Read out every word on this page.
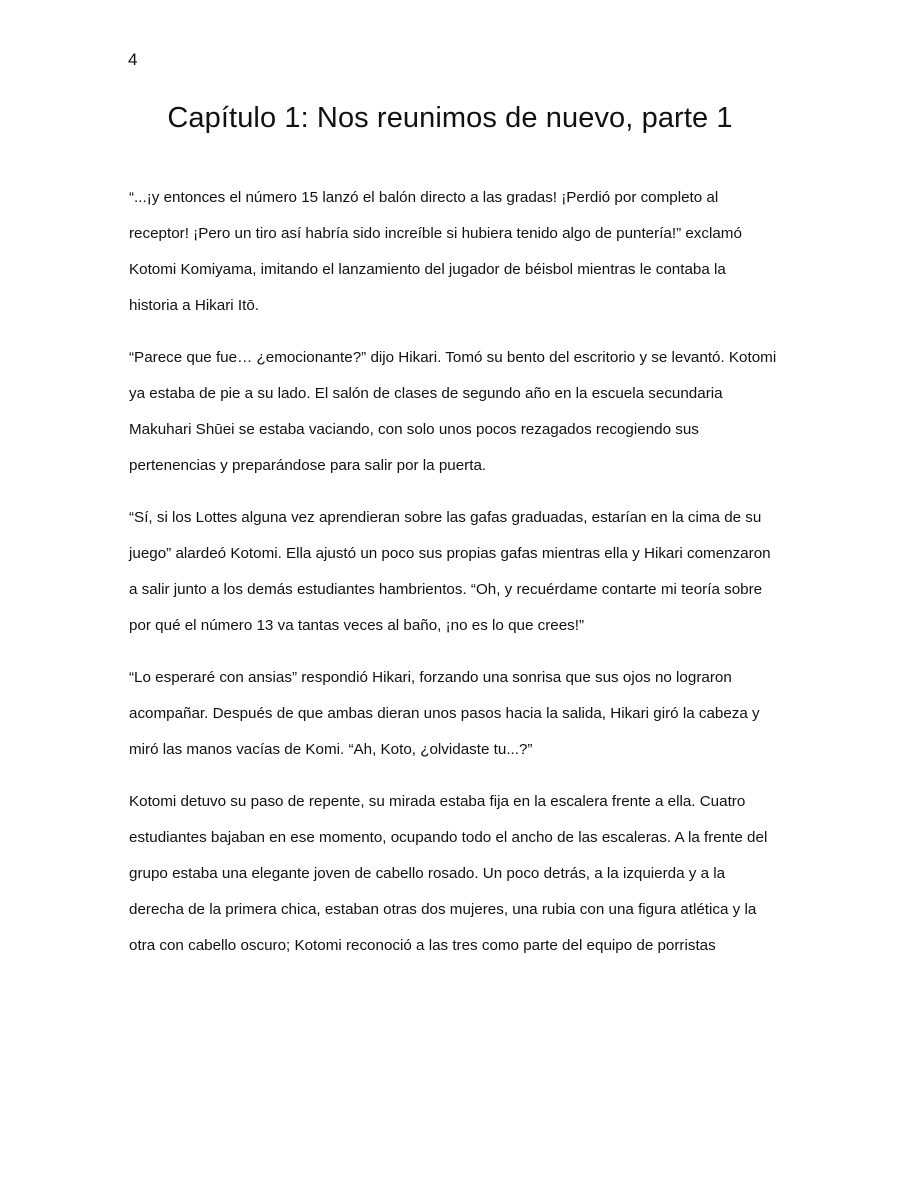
4
Capítulo 1: Nos reunimos de nuevo, parte 1

“...¡y entonces el número 15 lanzó el balón directo a las gradas! ¡Perdió por completo al receptor! ¡Pero un tiro así habría sido increíble si hubiera tenido algo de puntería!” exclamó Kotomi Komiyama, imitando el lanzamiento del jugador de béisbol mientras le contaba la historia a Hikari Itō.

“Parece que fue… ¿emocionante?” dijo Hikari. Tomó su bento del escritorio y se levantó. Kotomi ya estaba de pie a su lado. El salón de clases de segundo año en la escuela secundaria Makuhari Shūei se estaba vaciando, con solo unos pocos rezagados recogiendo sus pertenencias y preparándose para salir por la puerta.

“Sí, si los Lottes alguna vez aprendieran sobre las gafas graduadas, estarían en la cima de su juego” alardeó Kotomi. Ella ajustó un poco sus propias gafas mientras ella y Hikari comenzaron a salir junto a los demás estudiantes hambrientos. “Oh, y recuérdame contarte mi teoría sobre por qué el número 13 va tantas veces al baño, ¡no es lo que crees!”

“Lo esperaré con ansias” respondió Hikari, forzando una sonrisa que sus ojos no lograron acompañar. Después de que ambas dieran unos pasos hacia la salida, Hikari giró la cabeza y miró las manos vacías de Komi. “Ah, Koto, ¿olvidaste tu...?”

Kotomi detuvo su paso de repente, su mirada estaba fija en la escalera frente a ella. Cuatro estudiantes bajaban en ese momento, ocupando todo el ancho de las escaleras. A la frente del grupo estaba una elegante joven de cabello rosado. Un poco detrás, a la izquierda y a la derecha de la primera chica, estaban otras dos mujeres, una rubia con una figura atlética y la otra con cabello oscuro; Kotomi reconoció a las tres como parte del equipo de porristas
